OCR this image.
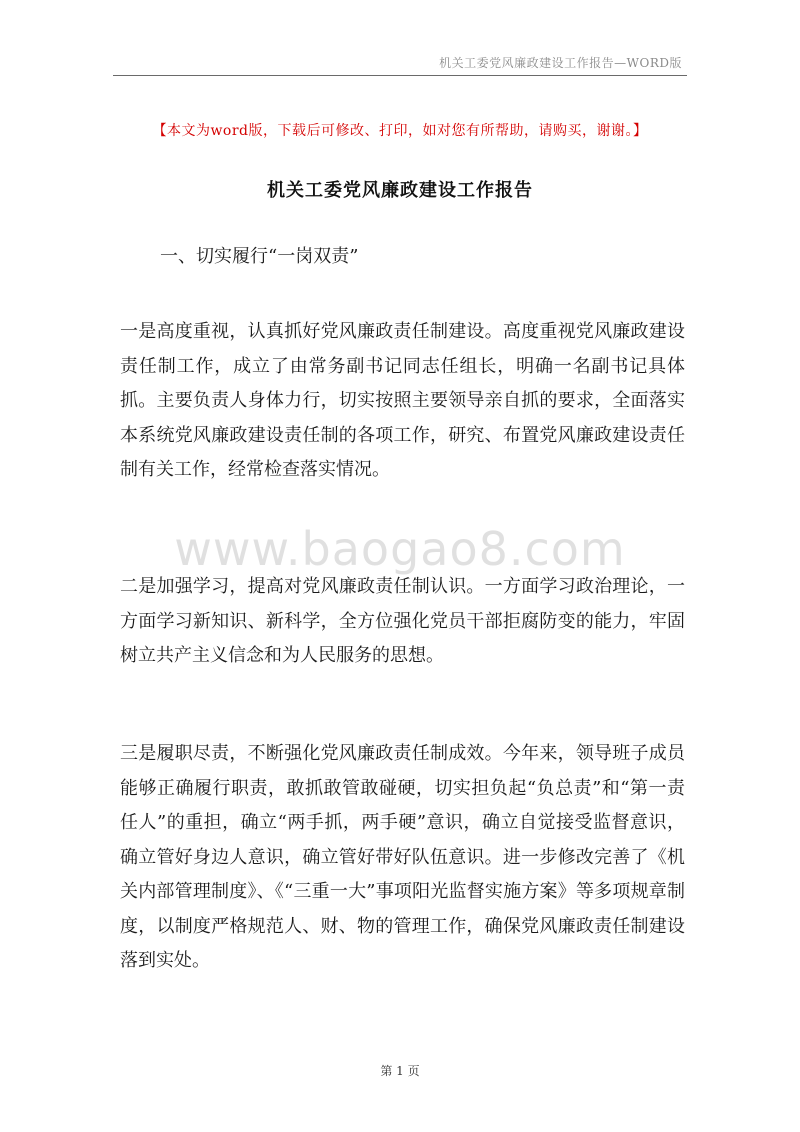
机关工委党风廉政建设工作报告—WORD版
【本文为word版，下载后可修改、打印，如对您有所帮助，请购买，谢谢。】
机关工委党风廉政建设工作报告
一、切实履行“一岗双责”

一是高度重视，认真抓好党风廉政责任制建设。高度重视党风廉政建设责任制工作，成立了由常务副书记同志任组长，明确一名副书记具体抓。主要负责人身体力行，切实按照主要领导亲自抓的要求，全面落实本系统党风廉政建设责任制的各项工作，研究、布置党风廉政建设责任制有关工作，经常检查落实情况。

www.baogao8.com

二是加强学习，提高对党风廉政责任制认识。一方面学习政治理论，一方面学习新知识、新科学，全方位强化党员干部拒腐防变的能力，牢固树立共产主义信念和为人民服务的思想。

三是履职尽责，不断强化党风廉政责任制成效。今年来，领导班子成员能够正确履行职责，敢抓敢管敢碰硬，切实担负起“负总责”和“第一责任人”的重担，确立“两手抓，两手硬”意识，确立自觉接受监督意识，确立管好身边人意识，确立管好带好队伍意识。进一步修改完善了《机关内部管理制度》、《“三重一大”事项阳光监督实施方案》等多项规章制度，以制度严格规范人、财、物的管理工作，确保党风廉政责任制建设落到实处。

第 1 页
